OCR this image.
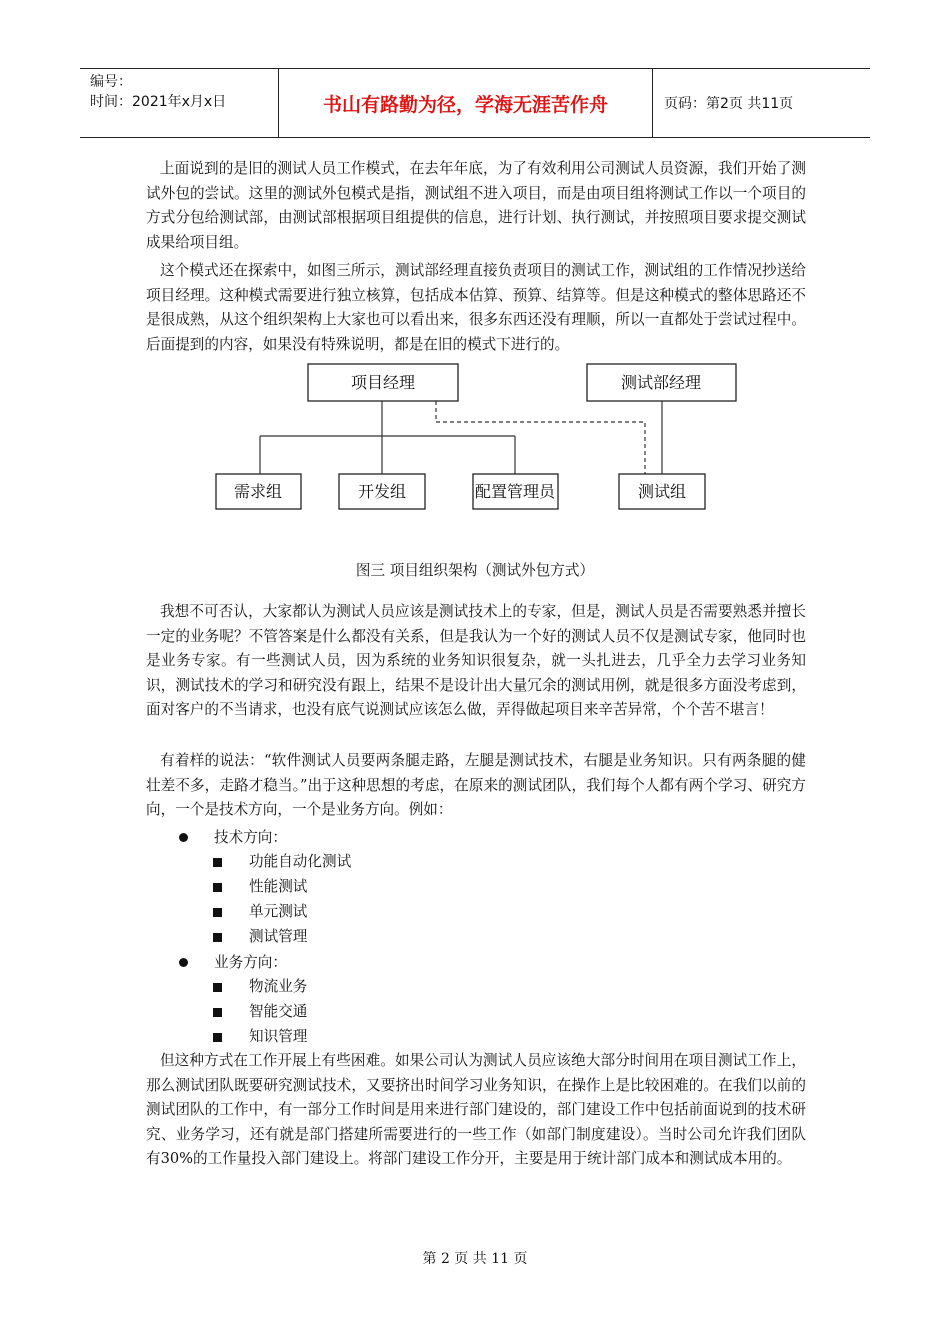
编号：
时间：2021年x月x日	书山有路勤为径，学海无涯苦作舟	页码：第2页 共11页

上面说到的是旧的测试人员工作模式，在去年年底，为了有效利用公司测试人员资源，我们开始了测试外包的尝试。这里的测试外包模式是指，测试组不进入项目，而是由项目组将测试工作以一个项目的方式分包给测试部，由测试部根据项目组提供的信息，进行计划、执行测试，并按照项目要求提交测试成果给项目组。

这个模式还在探索中，如图三所示，测试部经理直接负责项目的测试工作，测试组的工作情况抄送给项目经理。这种模式需要进行独立核算，包括成本估算、预算、结算等。但是这种模式的整体思路还不是很成熟，从这个组织架构上大家也可以看出来，很多东西还没有理顺，所以一直都处于尝试过程中。后面提到的内容，如果没有特殊说明，都是在旧的模式下进行的。

项目经理	测试部经理
需求组	开发组	配置管理员	测试组
图三 项目组织架构（测试外包方式）

我想不可否认，大家都认为测试人员应该是测试技术上的专家，但是，测试人员是否需要熟悉并擅长一定的业务呢？不管答案是什么都没有关系，但是我认为一个好的测试人员不仅是测试专家，他同时也是业务专家。有一些测试人员，因为系统的业务知识很复杂，就一头扎进去，几乎全力去学习业务知识，测试技术的学习和研究没有跟上，结果不是设计出大量冗余的测试用例，就是很多方面没考虑到，面对客户的不当请求，也没有底气说测试应该怎么做，弄得做起项目来辛苦异常，个个苦不堪言！

有着样的说法：“软件测试人员要两条腿走路，左腿是测试技术，右腿是业务知识。只有两条腿的健壮差不多，走路才稳当。”出于这种思想的考虑，在原来的测试团队，我们每个人都有两个学习、研究方向，一个是技术方向，一个是业务方向。例如：

技术方向：
功能自动化测试
性能测试
单元测试
测试管理
业务方向：
物流业务
智能交通
知识管理

但这种方式在工作开展上有些困难。如果公司认为测试人员应该绝大部分时间用在项目测试工作上，那么测试团队既要研究测试技术，又要挤出时间学习业务知识，在操作上是比较困难的。在我们以前的测试团队的工作中，有一部分工作时间是用来进行部门建设的，部门建设工作中包括前面说到的技术研究、业务学习，还有就是部门搭建所需要进行的一些工作（如部门制度建设）。当时公司允许我们团队有30%的工作量投入部门建设上。将部门建设工作分开，主要是用于统计部门成本和测试成本用的。

第 2 页 共 11 页
